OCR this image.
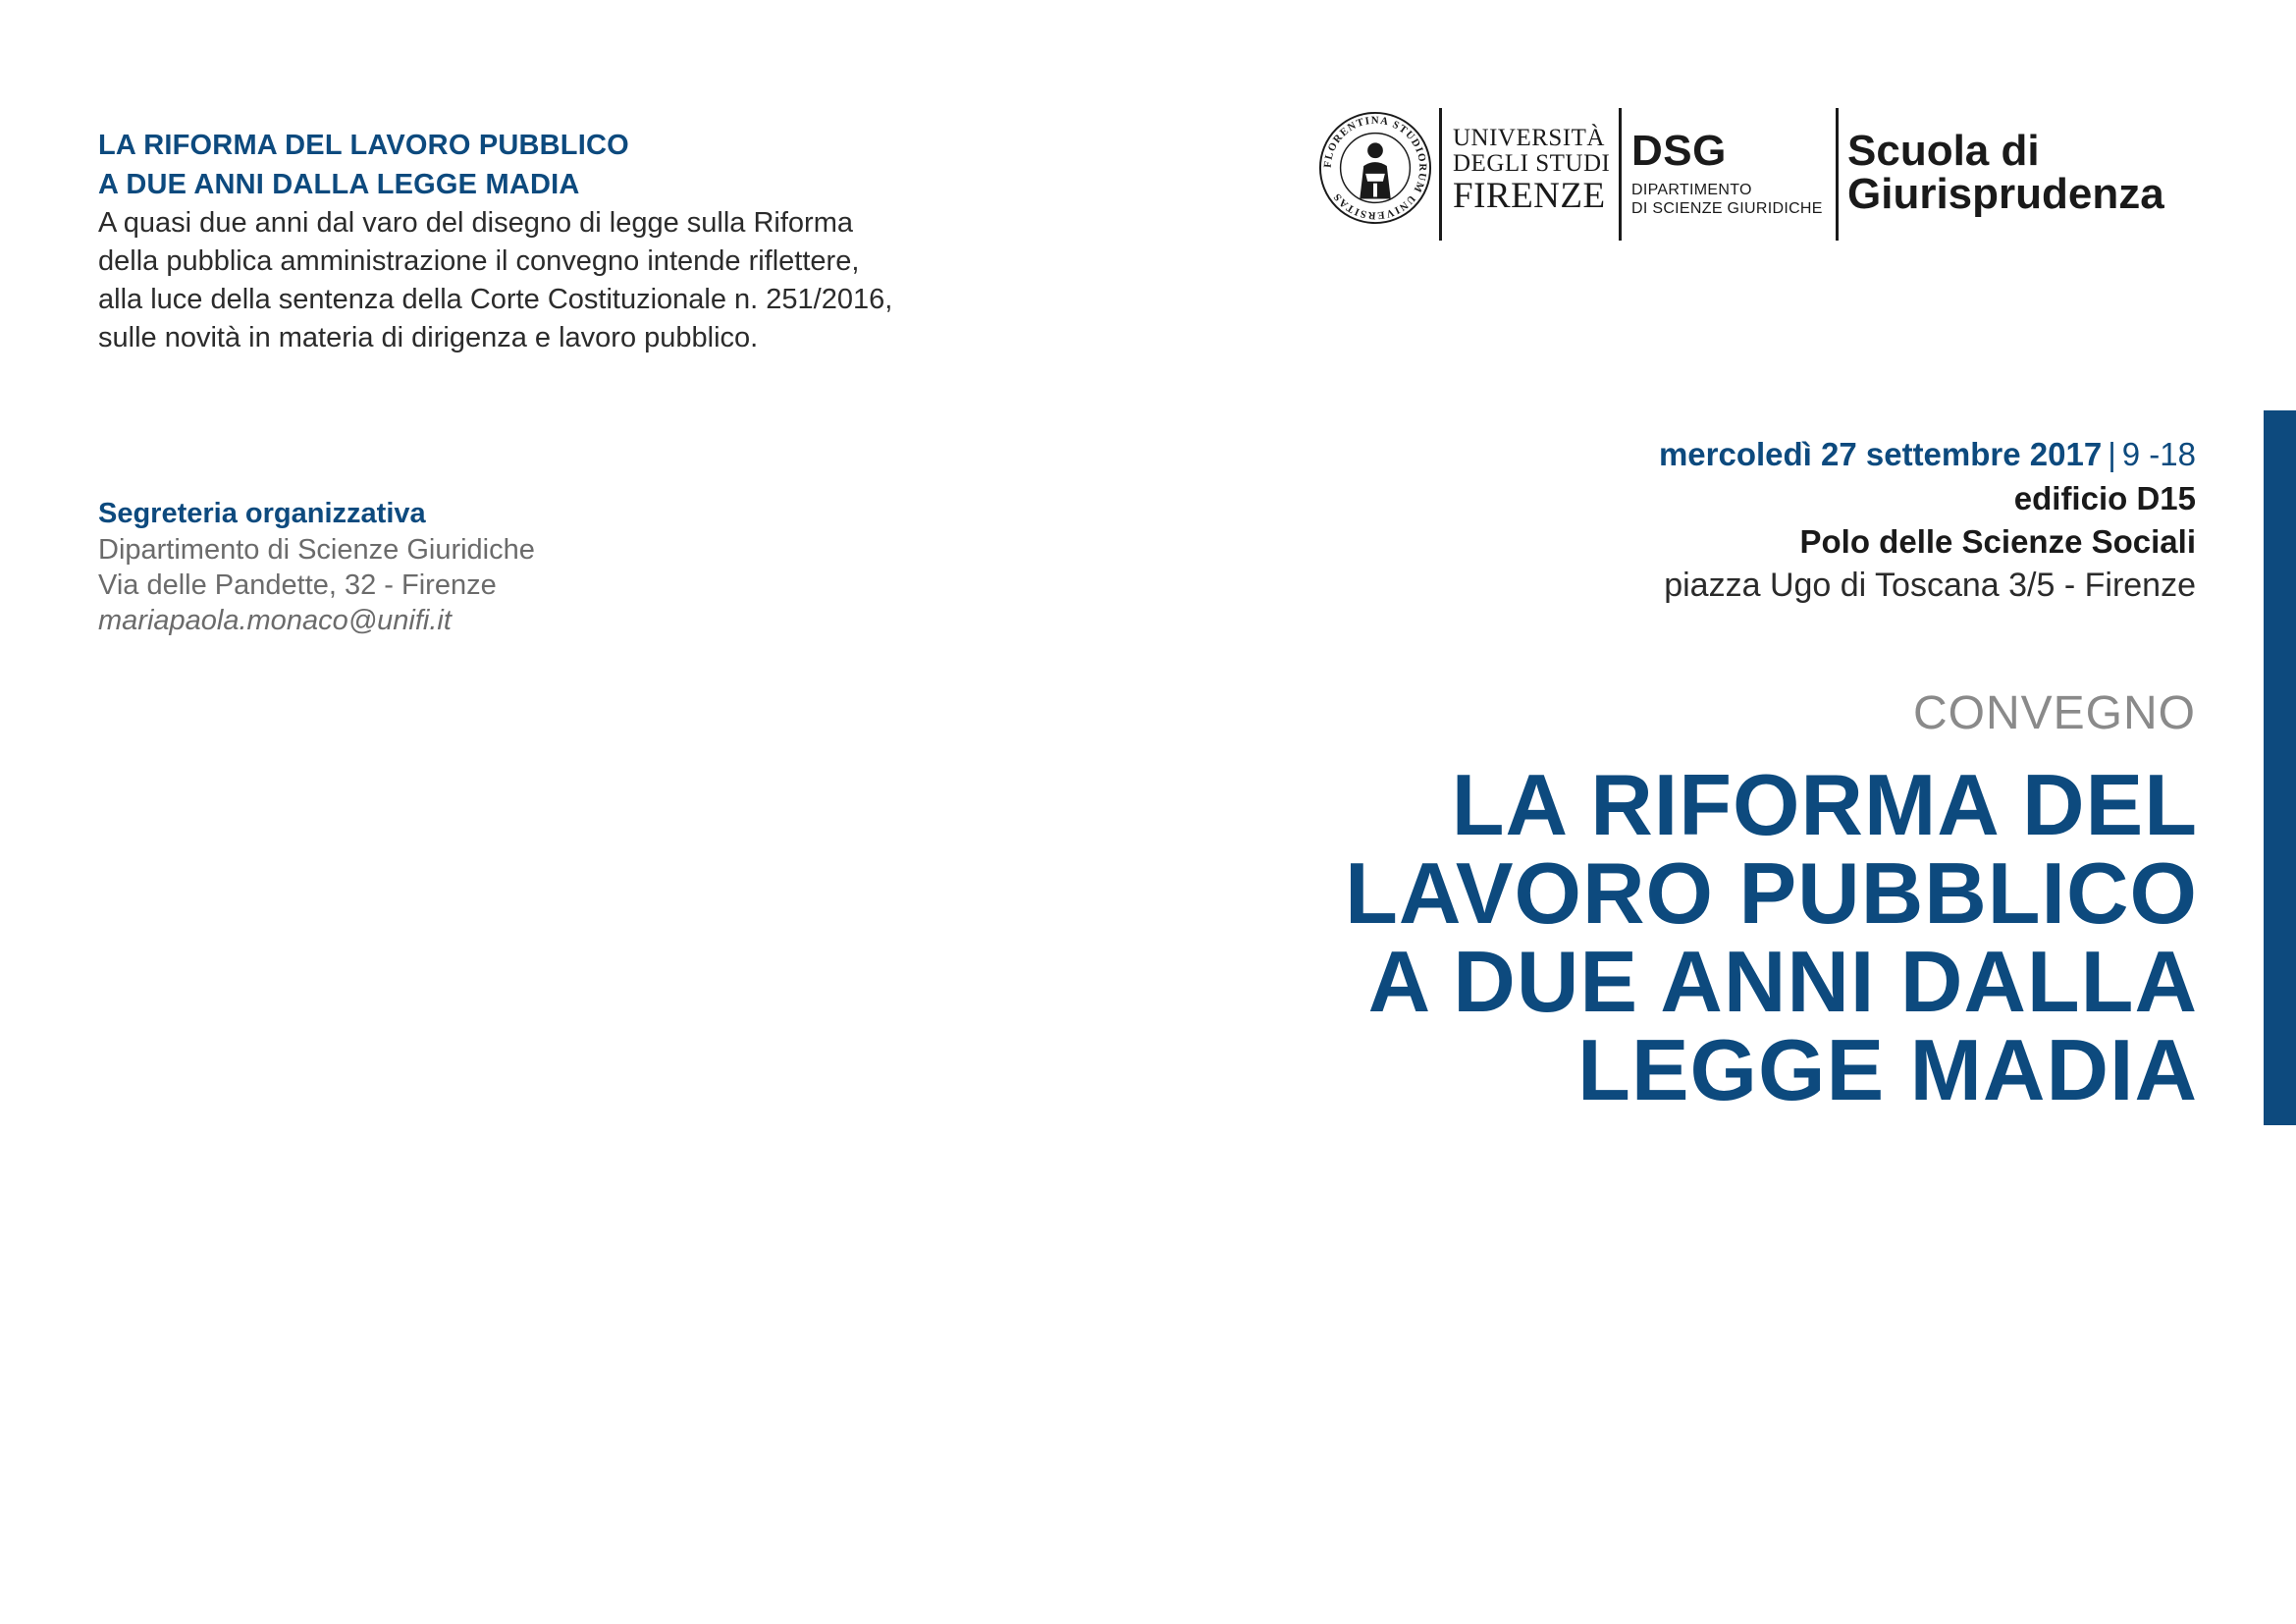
LA RIFORMA DEL LAVORO PUBBLICO
A DUE ANNI DALLA LEGGE MADIA
A quasi due anni dal varo del disegno di legge sulla Riforma
della pubblica amministrazione il convegno intende riflettere,
alla luce della sentenza della Corte Costituzionale n. 251/2016,
sulle novità in materia di dirigenza e lavoro pubblico.
Segreteria organizzativa
Dipartimento di Scienze Giuridiche
Via delle Pandette, 32 - Firenze
mariapaola.monaco@unifi.it
FLORENTINA STUDIORUM UNIVERSITAS
UNIVERSITÀ
DEGLI STUDI
FIRENZE
DSG
DIPARTIMENTO
DI SCIENZE GIURIDICHE
Scuola di
Giurisprudenza
mercoledì 27 settembre 2017 | 9 -18
edificio D15
Polo delle Scienze Sociali
piazza Ugo di Toscana 3/5 - Firenze
CONVEGNO
LA RIFORMA DEL
LAVORO PUBBLICO
A DUE ANNI DALLA
LEGGE MADIA
